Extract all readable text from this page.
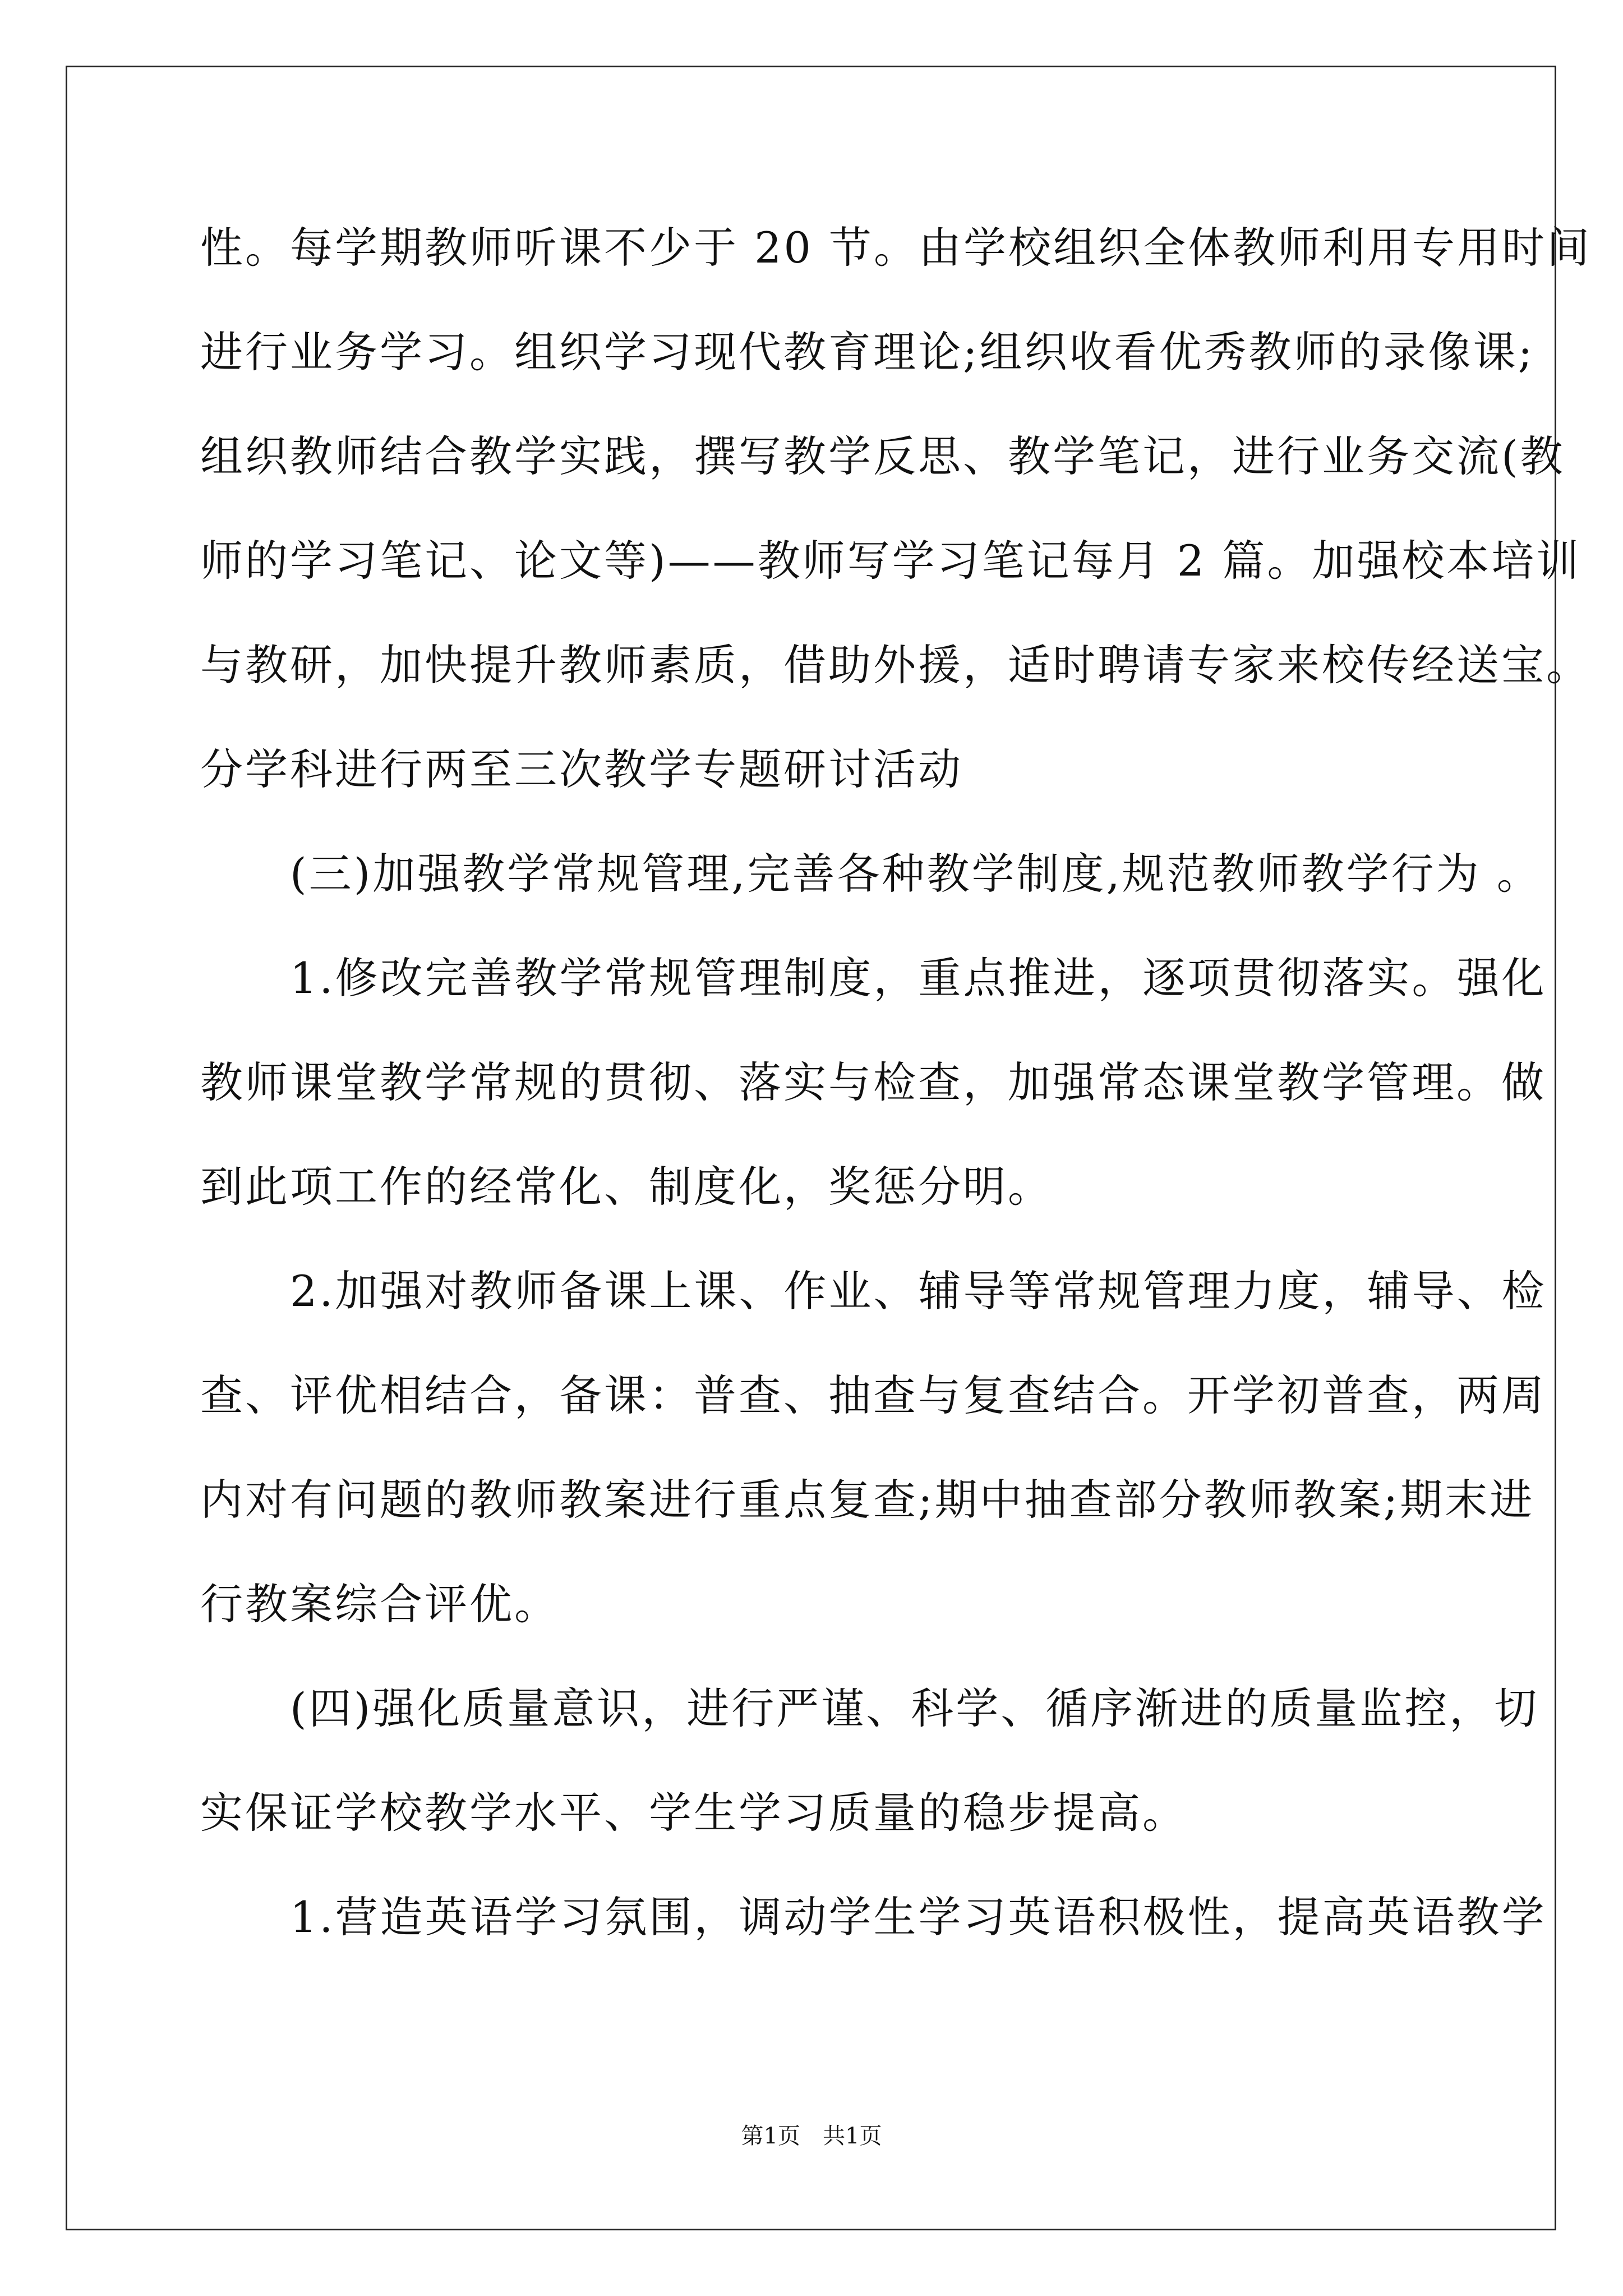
性。每学期教师听课不少于 20 节。由学校组织全体教师利用专用时间
进行业务学习。组织学习现代教育理论;组织收看优秀教师的录像课;
组织教师结合教学实践，撰写教学反思、教学笔记，进行业务交流(教
师的学习笔记、论文等)——教师写学习笔记每月 2 篇。加强校本培训
与教研，加快提升教师素质，借助外援，适时聘请专家来校传经送宝。
分学科进行两至三次教学专题研讨活动
　　(三)加强教学常规管理,完善各种教学制度,规范教师教学行为 。
　　1.修改完善教学常规管理制度，重点推进，逐项贯彻落实。强化
教师课堂教学常规的贯彻、落实与检查，加强常态课堂教学管理。做
到此项工作的经常化、制度化，奖惩分明。
　　2.加强对教师备课上课、作业、辅导等常规管理力度，辅导、检
查、评优相结合，备课：普查、抽查与复查结合。开学初普查，两周
内对有问题的教师教案进行重点复查;期中抽查部分教师教案;期末进
行教案综合评优。
　　(四)强化质量意识，进行严谨、科学、循序渐进的质量监控，切
实保证学校教学水平、学生学习质量的稳步提高。
　　1.营造英语学习氛围，调动学生学习英语积极性，提高英语教学
第1页　共1页
